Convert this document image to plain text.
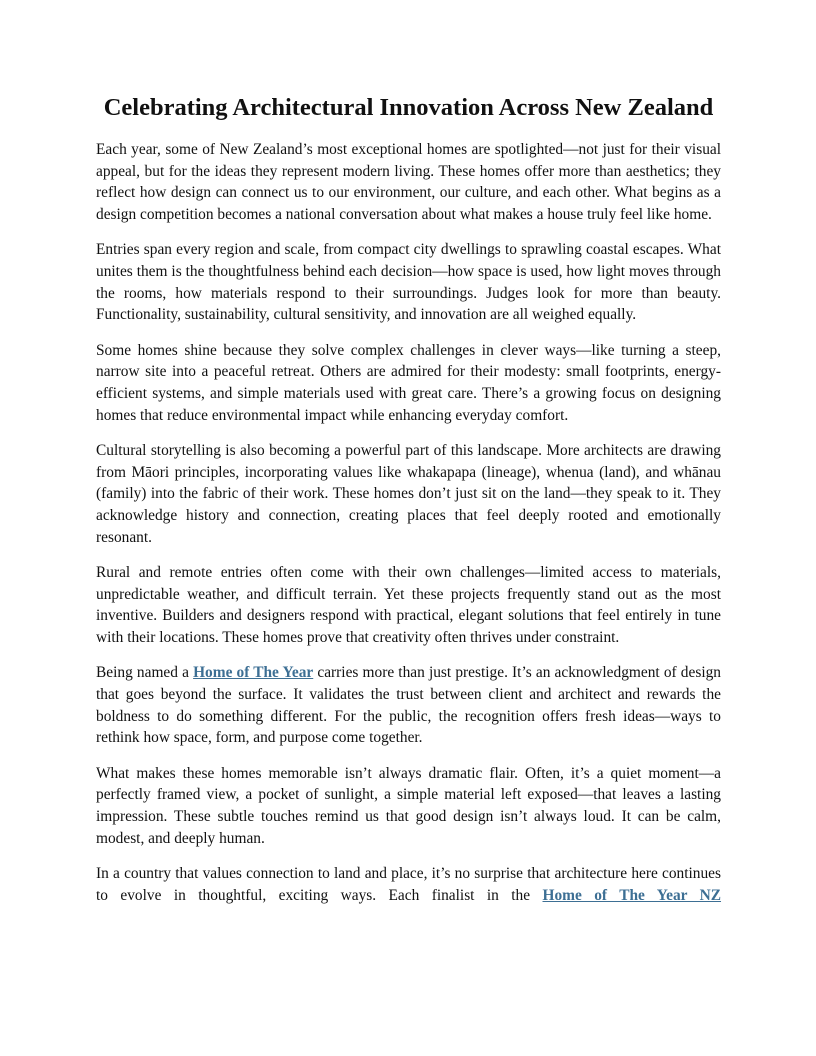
Celebrating Architectural Innovation Across New Zealand

Each year, some of New Zealand’s most exceptional homes are spotlighted—not just for their visual appeal, but for the ideas they represent modern living. These homes offer more than aesthetics; they reflect how design can connect us to our environment, our culture, and each other. What begins as a design competition becomes a national conversation about what makes a house truly feel like home.

Entries span every region and scale, from compact city dwellings to sprawling coastal escapes. What unites them is the thoughtfulness behind each decision—how space is used, how light moves through the rooms, how materials respond to their surroundings. Judges look for more than beauty. Functionality, sustainability, cultural sensitivity, and innovation are all weighed equally.

Some homes shine because they solve complex challenges in clever ways—like turning a steep, narrow site into a peaceful retreat. Others are admired for their modesty: small footprints, energy-efficient systems, and simple materials used with great care. There’s a growing focus on designing homes that reduce environmental impact while enhancing everyday comfort.

Cultural storytelling is also becoming a powerful part of this landscape. More architects are drawing from Māori principles, incorporating values like whakapapa (lineage), whenua (land), and whānau (family) into the fabric of their work. These homes don’t just sit on the land—they speak to it. They acknowledge history and connection, creating places that feel deeply rooted and emotionally resonant.

Rural and remote entries often come with their own challenges—limited access to materials, unpredictable weather, and difficult terrain. Yet these projects frequently stand out as the most inventive. Builders and designers respond with practical, elegant solutions that feel entirely in tune with their locations. These homes prove that creativity often thrives under constraint.

Being named a Home of The Year carries more than just prestige. It’s an acknowledgment of design that goes beyond the surface. It validates the trust between client and architect and rewards the boldness to do something different. For the public, the recognition offers fresh ideas—ways to rethink how space, form, and purpose come together.

What makes these homes memorable isn’t always dramatic flair. Often, it’s a quiet moment—a perfectly framed view, a pocket of sunlight, a simple material left exposed—that leaves a lasting impression. These subtle touches remind us that good design isn’t always loud. It can be calm, modest, and deeply human.

In a country that values connection to land and place, it’s no surprise that architecture here continues to evolve in thoughtful, exciting ways. Each finalist in the Home of The Year NZ
